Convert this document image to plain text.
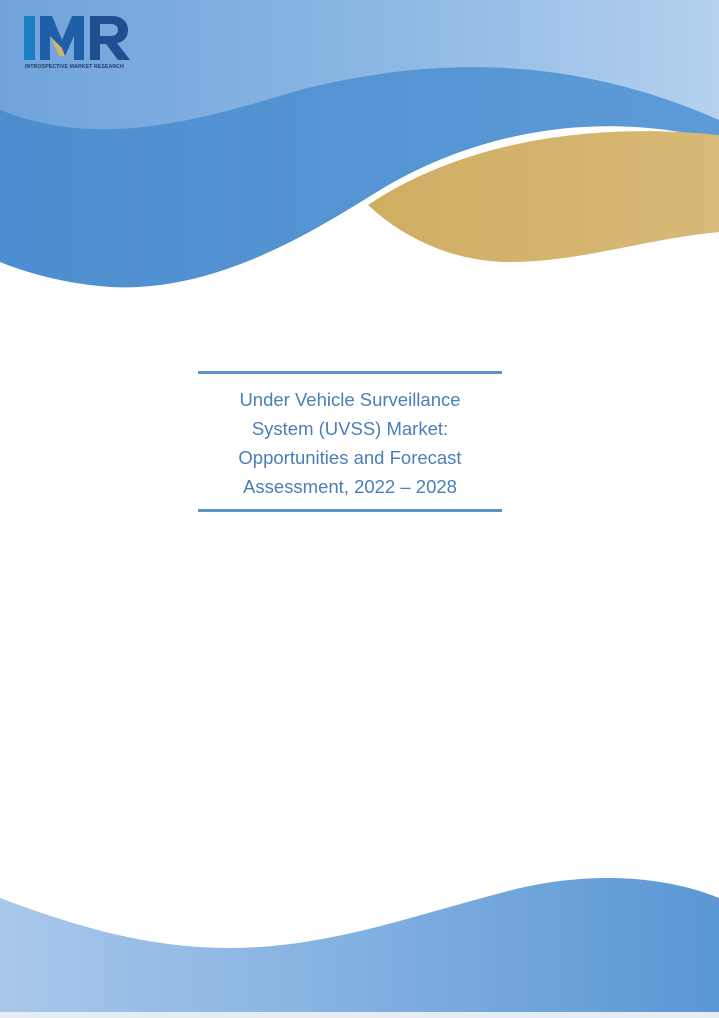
INTROSPECTIVE MARKET RESEARCH
Under Vehicle Surveillance
System (UVSS) Market:
Opportunities and Forecast
Assessment, 2022 – 2028
